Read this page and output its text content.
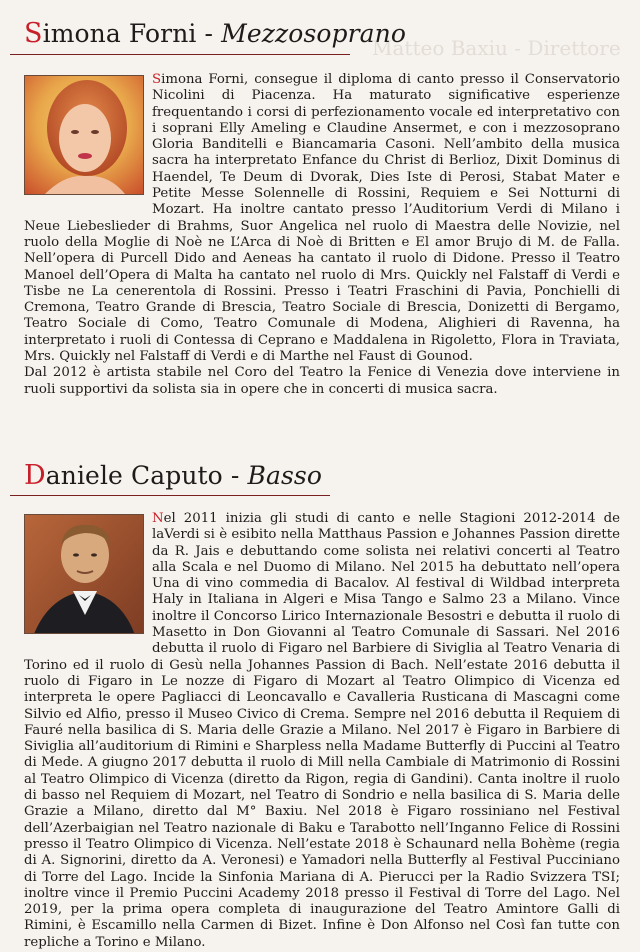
Matteo Baxiu - Direttore
Simona Forni - Mezzosoprano

Simona Forni, consegue il diploma di canto presso il Conservatorio Nicolini di Piacenza. Ha maturato significative esperienze frequentando i corsi di perfezionamento vocale ed interpretativo con i soprani Elly Ameling e Claudine Ansermet, e con i mezzosoprano Gloria Banditelli e Biancamaria Casoni. Nell’ambito della musica sacra ha interpretato Enfance du Christ di Berlioz, Dixit Dominus di Haendel, Te Deum di Dvorak, Dies Iste di Perosi, Stabat Mater e Petite Messe Solennelle di Rossini, Requiem e Sei Notturni di Mozart. Ha inoltre cantato presso l’Auditorium Verdi di Milano i Neue Liebeslieder di Brahms, Suor Angelica nel ruolo di Maestra delle Novizie, nel ruolo della Moglie di Noè ne L’Arca di Noè di Britten e El amor Brujo di M. de Falla. Nell’opera di Purcell Dido and Aeneas ha cantato il ruolo di Didone. Presso il Teatro Manoel dell’Opera di Malta ha cantato nel ruolo di Mrs. Quickly nel Falstaff di Verdi e Tisbe ne La cenerentola di Rossini. Presso i Teatri Fraschini di Pavia, Ponchielli di Cremona, Teatro Grande di Brescia, Teatro Sociale di Brescia, Donizetti di Bergamo, Teatro Sociale di Como, Teatro Comunale di Modena, Alighieri di Ravenna, ha interpretato i ruoli di Contessa di Ceprano e Maddalena in Rigoletto, Flora in Traviata, Mrs. Quickly nel Falstaff di Verdi e di Marthe nel Faust di Gounod.

Dal 2012 è artista stabile nel Coro del Teatro la Fenice di Venezia dove interviene in ruoli supportivi da solista sia in opere che in concerti di musica sacra.

Daniele Caputo - Basso

Nel 2011 inizia gli studi di canto e nelle Stagioni 2012-2014 de laVerdi si è esibito nella Matthaus Passion e Johannes Passion dirette da R. Jais e debuttando come solista nei relativi concerti al Teatro alla Scala e nel Duomo di Milano. Nel 2015 ha debuttato nell’opera Una di vino commedia di Bacalov. Al festival di Wildbad interpreta Haly in Italiana in Algeri e Misa Tango e Salmo 23 a Milano. Vince inoltre il Concorso Lirico Internazionale Besostri e debutta il ruolo di Masetto in Don Giovanni al Teatro Comunale di Sassari. Nel 2016 debutta il ruolo di Figaro nel Barbiere di Siviglia al Teatro Venaria di Torino ed il ruolo di Gesù nella Johannes Passion di Bach. Nell’estate 2016 debutta il ruolo di Figaro in Le nozze di Figaro di Mozart al Teatro Olimpico di Vicenza ed interpreta le opere Pagliacci di Leoncavallo e Cavalleria Rusticana di Mascagni come Silvio ed Alfio, presso il Museo Civico di Crema. Sempre nel 2016 debutta il Requiem di Fauré nella basilica di S. Maria delle Grazie a Milano. Nel 2017 è Figaro in Barbiere di Siviglia all’auditorium di Rimini e Sharpless nella Madame Butterfly di Puccini al Teatro di Mede. A giugno 2017 debutta il ruolo di Mill nella Cambiale di Matrimonio di Rossini al Teatro Olimpico di Vicenza (diretto da Rigon, regia di Gandini). Canta inoltre il ruolo di basso nel Requiem di Mozart, nel Teatro di Sondrio e nella basilica di S. Maria delle Grazie a Milano, diretto dal M° Baxiu. Nel 2018 è Figaro rossiniano nel Festival dell’Azerbaigian nel Teatro nazionale di Baku e Tarabotto nell’Inganno Felice di Rossini presso il Teatro Olimpico di Vicenza. Nell’estate 2018 è Schaunard nella Bohème (regia di A. Signorini, diretto da A. Veronesi) e Yamadori nella Butterfly al Festival Pucciniano di Torre del Lago. Incide la Sinfonia Mariana di A. Pierucci per la Radio Svizzera TSI; inoltre vince il Premio Puccini Academy 2018 presso il Festival di Torre del Lago. Nel 2019, per la prima opera completa di inaugurazione del Teatro Amintore Galli di Rimini, è Escamillo nella Carmen di Bizet. Infine è Don Alfonso nel Così fan tutte con repliche a Torino e Milano.
